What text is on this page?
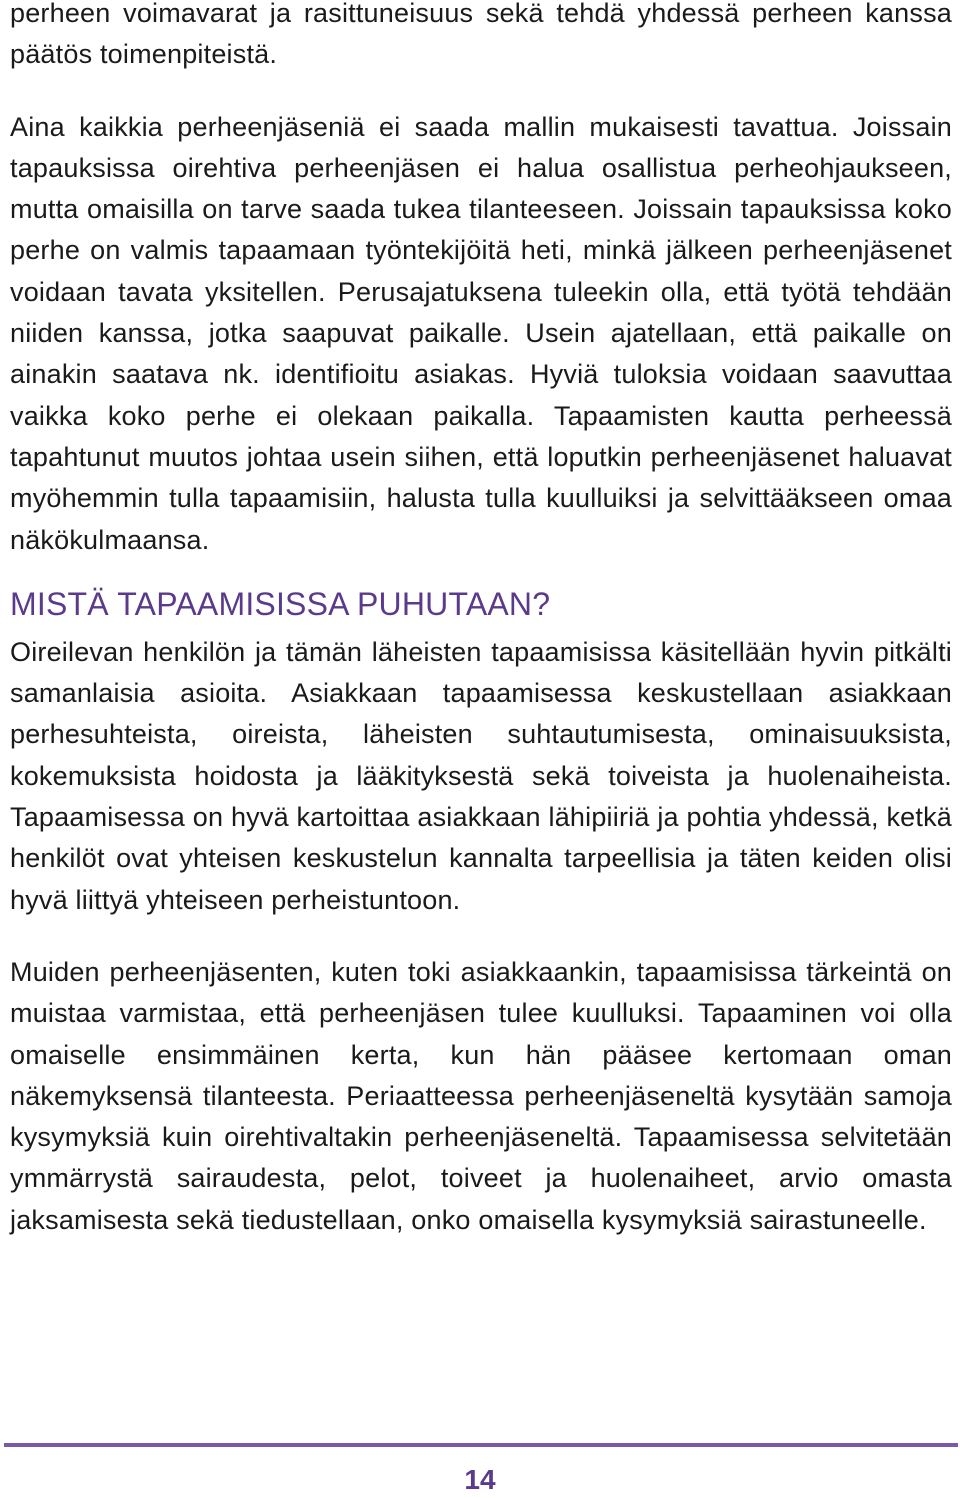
perheen voimavarat ja rasittuneisuus sekä tehdä yhdessä perheen kanssa päätös toimenpiteistä.

Aina kaikkia perheenjäseniä ei saada mallin mukaisesti tavattua. Joissain tapauksissa oirehtiva perheenjäsen ei halua osallistua perheohjaukseen, mutta omaisilla on tarve saada tukea tilanteeseen. Joissain tapauksissa koko perhe on valmis tapaamaan työntekijöitä heti, minkä jälkeen perheenjäsenet voidaan tavata yksitellen. Perusajatuksena tuleekin olla, että työtä tehdään niiden kanssa, jotka saapuvat paikalle. Usein ajatellaan, että paikalle on ainakin saatava nk. identifioitu asiakas. Hyviä tuloksia voidaan saavuttaa vaikka koko perhe ei olekaan paikalla. Tapaamisten kautta perheessä tapahtunut muutos johtaa usein siihen, että loputkin perheenjäsenet haluavat myöhemmin tulla tapaamisiin, halusta tulla kuulluiksi ja selvittääkseen omaa näkökulmaansa.

MISTÄ TAPAAMISISSA PUHUTAAN?

Oireilevan henkilön ja tämän läheisten tapaamisissa käsitellään hyvin pitkälti samanlaisia asioita. Asiakkaan tapaamisessa keskustellaan asiakkaan perhesuhteista, oireista, läheisten suhtautumisesta, ominaisuuksista, kokemuksista hoidosta ja lääkityksestä sekä toiveista ja huolenaiheista. Tapaamisessa on hyvä kartoittaa asiakkaan lähipiiriä ja pohtia yhdessä, ketkä henkilöt ovat yhteisen keskustelun kannalta tarpeellisia ja täten keiden olisi hyvä liittyä yhteiseen perheistuntoon.

Muiden perheenjäsenten, kuten toki asiakkaankin, tapaamisissa tärkeintä on muistaa varmistaa, että perheenjäsen tulee kuulluksi. Tapaaminen voi olla omaiselle ensimmäinen kerta, kun hän pääsee kertomaan oman näkemyksensä tilanteesta. Periaatteessa perheenjäseneltä kysytään samoja kysymyksiä kuin oirehtivaltakin perheenjäseneltä. Tapaamisessa selvitetään ymmärrystä sairaudesta, pelot, toiveet ja huolenaiheet, arvio omasta jaksamisesta sekä tiedustellaan, onko omaisella kysymyksiä sairastuneelle.

14
